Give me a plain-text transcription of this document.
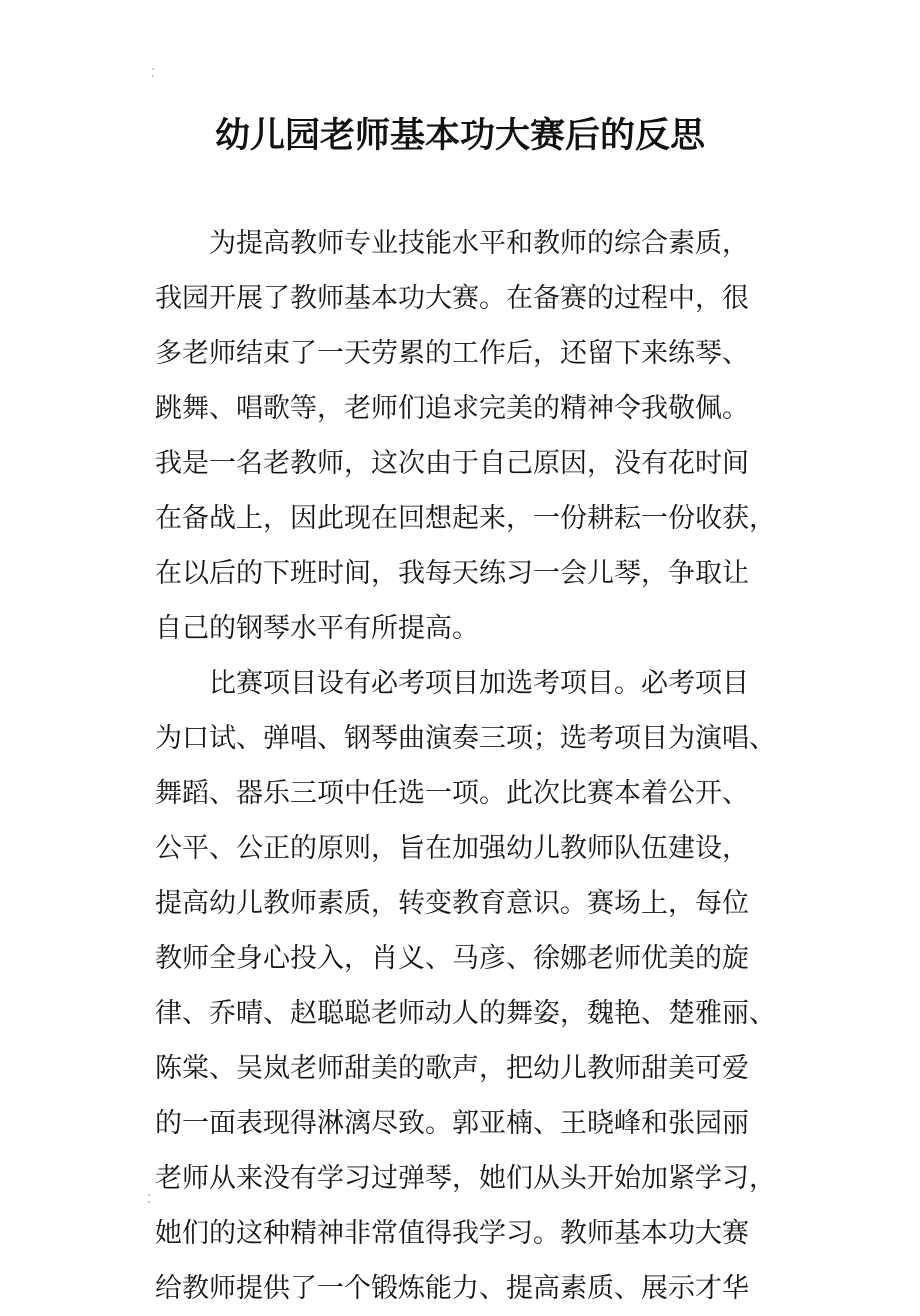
幼儿园老师基本功大赛后的反思
为提高教师专业技能水平和教师的综合素质，
我园开展了教师基本功大赛。在备赛的过程中，很
多老师结束了一天劳累的工作后，还留下来练琴、
跳舞、唱歌等，老师们追求完美的精神令我敬佩。
我是一名老教师，这次由于自己原因，没有花时间
在备战上，因此现在回想起来，一份耕耘一份收获，
在以后的下班时间，我每天练习一会儿琴，争取让
自己的钢琴水平有所提高。
比赛项目设有必考项目加选考项目。必考项目
为口试、弹唱、钢琴曲演奏三项；选考项目为演唱、
舞蹈、器乐三项中任选一项。此次比赛本着公开、
公平、公正的原则，旨在加强幼儿教师队伍建设，
提高幼儿教师素质，转变教育意识。赛场上，每位
教师全身心投入，肖义、马彦、徐娜老师优美的旋
律、乔晴、赵聪聪老师动人的舞姿，魏艳、楚雅丽、
陈棠、吴岚老师甜美的歌声，把幼儿教师甜美可爱
的一面表现得淋漓尽致。郭亚楠、王晓峰和张园丽
老师从来没有学习过弹琴，她们从头开始加紧学习，
她们的这种精神非常值得我学习。教师基本功大赛
给教师提供了一个锻炼能力、提高素质、展示才华
